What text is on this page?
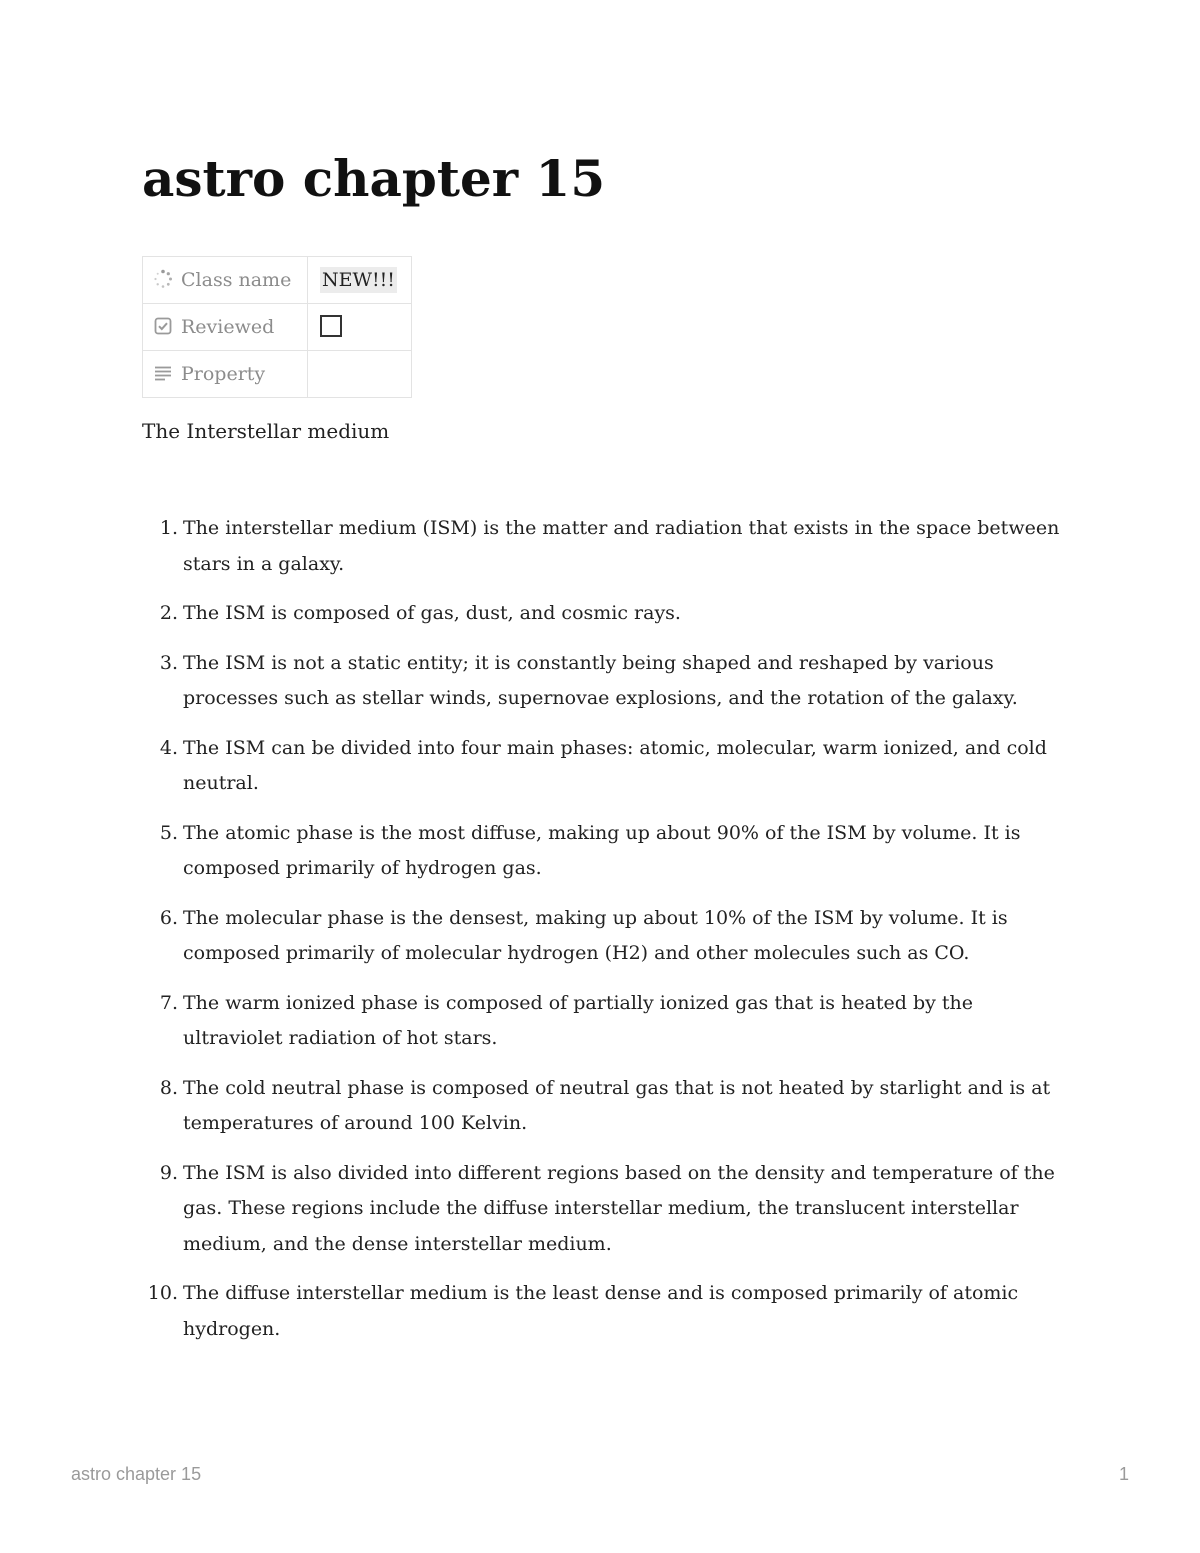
astro chapter 15
Class name	NEW!!!
Reviewed	
Property	

The Interstellar medium

1. The interstellar medium (ISM) is the matter and radiation that exists in the space between stars in a galaxy.
2. The ISM is composed of gas, dust, and cosmic rays.
3. The ISM is not a static entity; it is constantly being shaped and reshaped by various processes such as stellar winds, supernovae explosions, and the rotation of the galaxy.
4. The ISM can be divided into four main phases: atomic, molecular, warm ionized, and cold neutral.
5. The atomic phase is the most diffuse, making up about 90% of the ISM by volume. It is composed primarily of hydrogen gas.
6. The molecular phase is the densest, making up about 10% of the ISM by volume. It is composed primarily of molecular hydrogen (H2) and other molecules such as CO.
7. The warm ionized phase is composed of partially ionized gas that is heated by the ultraviolet radiation of hot stars.
8. The cold neutral phase is composed of neutral gas that is not heated by starlight and is at temperatures of around 100 Kelvin.
9. The ISM is also divided into different regions based on the density and temperature of the gas. These regions include the diffuse interstellar medium, the translucent interstellar medium, and the dense interstellar medium.
10. The diffuse interstellar medium is the least dense and is composed primarily of atomic hydrogen.
astro chapter 15	1
